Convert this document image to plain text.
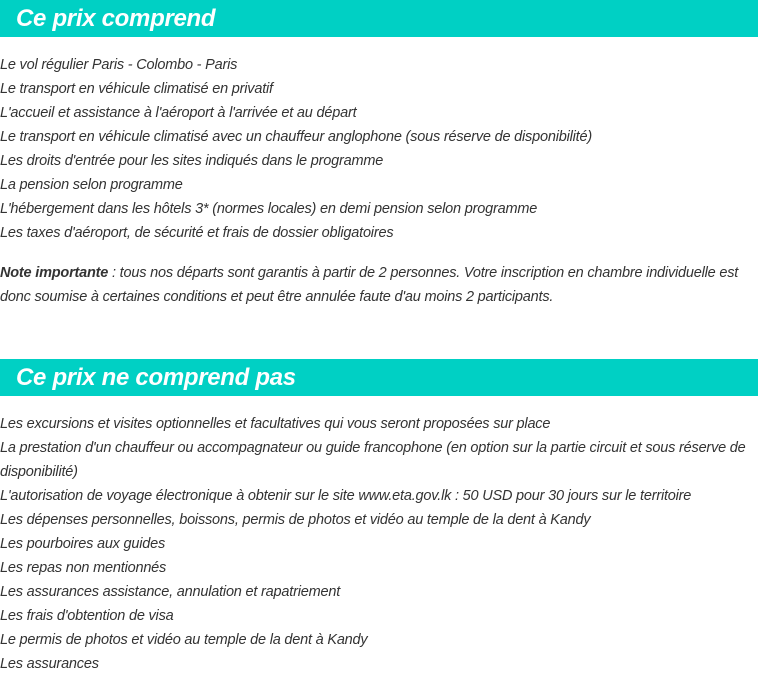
Ce prix comprend
Le vol régulier Paris - Colombo - Paris
Le transport en véhicule climatisé en privatif
L'accueil et assistance à l'aéroport à l'arrivée et au départ
Le transport en véhicule climatisé avec un chauffeur anglophone (sous réserve de disponibilité)
Les droits d'entrée pour les sites indiqués dans le programme
La pension selon programme
L'hébergement dans les hôtels 3* (normes locales) en demi pension selon programme
Les taxes d'aéroport, de sécurité et frais de dossier obligatoires

Note importante : tous nos départs sont garantis à partir de 2 personnes. Votre inscription en chambre individuelle est donc soumise à certaines conditions et peut être annulée faute d'au moins 2 participants.

Ce prix ne comprend pas
Les excursions et visites optionnelles et facultatives qui vous seront proposées sur place
La prestation d'un chauffeur ou accompagnateur ou guide francophone (en option sur la partie circuit et sous réserve de disponibilité)
L'autorisation de voyage électronique à obtenir sur le site www.eta.gov.lk : 50 USD pour 30 jours sur le territoire
Les dépenses personnelles, boissons, permis de photos et vidéo au temple de la dent à Kandy
Les pourboires aux guides
Les repas non mentionnés
Les assurances assistance, annulation et rapatriement
Les frais d'obtention de visa
Le permis de photos et vidéo au temple de la dent à Kandy
Les assurances
